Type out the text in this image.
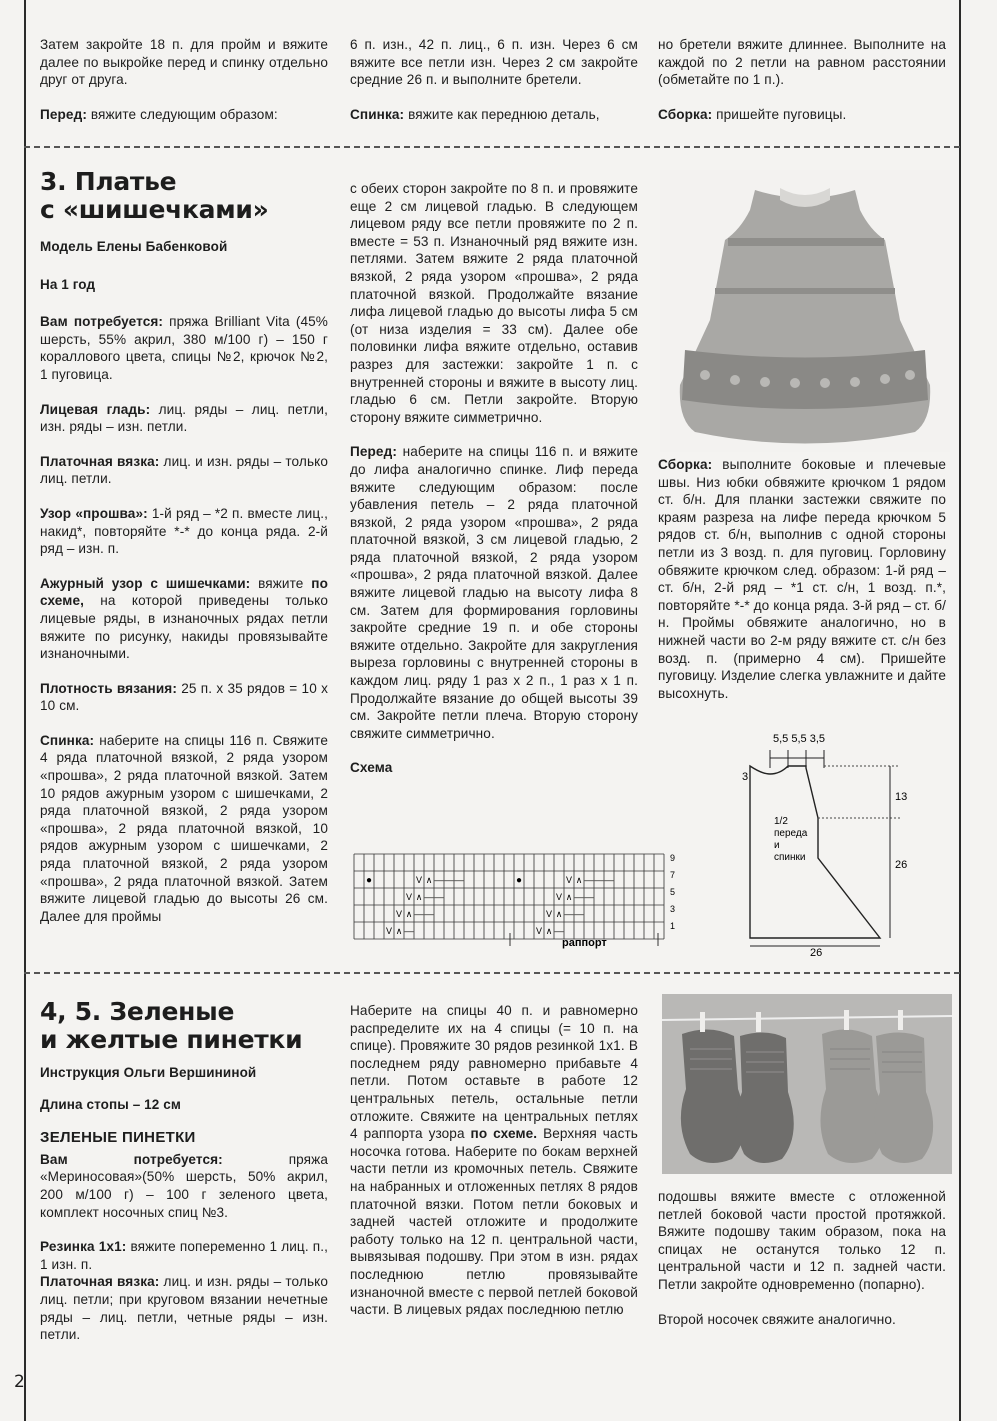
Затем закройте 18 п. для пройм и вяжите далее по выкройке перед и спинку отдельно друг от друга.

Перед: вяжите следующим образом:

6 п. изн., 42 п. лиц., 6 п. изн. Через 6 см вяжите все петли изн. Через 2 см закройте средние 26 п. и выполните бретели.

Спинка: вяжите как переднюю деталь,

но бретели вяжите длиннее. Выполните на каждой по 2 петли на равном расстоянии (обметайте по 1 п.).

Сборка: пришейте пуговицы.

3. Платье
с «шишечками»
Модель Елены Бабенковой
На 1 год

Вам потребуется: пряжа Brilliant Vita (45% шерсть, 55% акрил, 380 м/100 г) – 150 г кораллового цвета, спицы №2, крючок №2, 1 пуговица.

Лицевая гладь: лиц. ряды – лиц. петли, изн. ряды – изн. петли.

Платочная вязка: лиц. и изн. ряды – только лиц. петли.

Узор «прошва»: 1-й ряд – *2 п. вместе лиц., накид*, повторяйте *-* до конца ряда. 2-й ряд – изн. п.

Ажурный узор с шишечками: вяжите по схеме, на которой приведены только лицевые ряды, в изнаночных рядах петли вяжите по рисунку, накиды провязывайте изнаночными.

Плотность вязания: 25 п. х 35 рядов = 10 х 10 см.

Спинка: наберите на спицы 116 п. Свяжите 4 ряда платочной вязкой, 2 ряда узором «прошва», 2 ряда платочной вязкой. Затем 10 рядов ажурным узором с шишечками, 2 ряда платочной вязкой, 2 ряда узором «прошва», 2 ряда платочной вязкой, 10 рядов ажурным узором с шишечками, 2 ряда платочной вязкой, 2 ряда узором «прошва», 2 ряда платочной вязкой. Затем вяжите лицевой гладью до высоты 26 см. Далее для проймы

с обеих сторон закройте по 8 п. и провяжите еще 2 см лицевой гладью. В следующем лицевом ряду все петли провяжите по 2 п. вместе = 53 п. Изнаночный ряд вяжите изн. петлями. Затем вяжите 2 ряда платочной вязкой, 2 ряда узором «прошва», 2 ряда платочной вязкой. Продолжайте вязание лифа лицевой гладью до высоты лифа 5 см (от низа изделия = 33 см). Далее обе половинки лифа вяжите отдельно, оставив разрез для застежки: закройте 1 п. с внутренней стороны и вяжите в высоту лиц. гладью 6 см. Петли закройте. Вторую сторону вяжите симметрично.

Перед: наберите на спицы 116 п. и вяжите до лифа аналогично спинке. Лиф переда вяжите следующим образом: после убавления петель – 2 ряда платочной вязкой, 2 ряда узором «прошва», 2 ряда платочной вязкой, 3 см лицевой гладью, 2 ряда платочной вязкой, 2 ряда узором «прошва», 2 ряда платочной вязкой. Далее вяжите лицевой гладью на высоту лифа 8 см. Затем для формирования горловины закройте средние 19 п. и обе стороны вяжите отдельно. Закройте для закругления выреза горловины с внутренней стороны в каждом лиц. ряду 1 раз х 2 п., 1 раз х 1 п. Продолжайте вязание до общей высоты 39 см. Закройте петли плеча. Вторую сторону свяжите симметрично.

Схема
●	V ∧ — — —
V ∧ — —
V ∧ — —
V ∧ —
●	V ∧ — — —
V ∧ — —
V ∧ — —
V ∧ —
9
7
5
3
1
раппорт

Сборка: выполните боковые и плечевые швы. Низ юбки обвяжите крючком 1 рядом ст. б/н. Для планки застежки свяжите по краям разреза на лифе переда крючком 5 рядов ст. б/н, выполнив с одной стороны петли из 3 возд. п. для пуговиц. Горловину обвяжите крючком след. образом: 1-й ряд – ст. б/н, 2-й ряд – *1 ст. с/н, 1 возд. п.*, повторяйте *-* до конца ряда. 3-й ряд – ст. б/н. Проймы обвяжите аналогично, но в нижней части во 2-м ряду вяжите ст. с/н без возд. п. (примерно 4 см). Пришейте пуговицу. Изделие слегка увлажните и дайте высохнуть.

5,5 5,5 3,5
3
13
26
26
1/2
переда
и
спинки
4, 5. Зеленые
и желтые пинетки
Инструкция Ольги Вершининой
Длина стопы – 12 см
ЗЕЛЕНЫЕ ПИНЕТКИ

Вам потребуется:	пряжа «Мериносовая»(50% шерсть, 50% акрил, 200 м/100 г) – 100 г зеленого цвета, комплект носочных спиц №3.

Резинка 1х1: вяжите попеременно 1 лиц. п., 1 изн. п.

Платочная вязка: лиц. и изн. ряды – только лиц. петли; при круговом вязании нечетные ряды – лиц. петли, четные ряды – изн. петли.

Наберите на спицы 40 п. и равномерно распределите их на 4 спицы (= 10 п. на спице). Провяжите 30 рядов резинкой 1х1. В последнем ряду равномерно прибавьте 4 петли. Потом оставьте в работе 12 центральных петель, остальные петли отложите. Свяжите на центральных петлях 4 раппорта узора по схеме. Верхняя часть носочка готова. Наберите по бокам верхней части петли из кромочных петель. Свяжите на набранных и отложенных петлях 8 рядов платочной вязки. Потом петли боковых и задней частей отложите и продолжите работу только на 12 п. центральной части, вывязывая подошву. При этом в изн. рядах последнюю петлю провязывайте изнаночной вместе с первой петлей боковой части. В лицевых рядах последнюю петлю

подошвы вяжите вместе с отложенной петлей боковой части простой протяжкой. Вяжите подошву таким образом, пока на спицах не останутся только 12 п. центральной части и 12 п. задней части. Петли закройте одновременно (попарно).

Второй носочек свяжите аналогично.

2
